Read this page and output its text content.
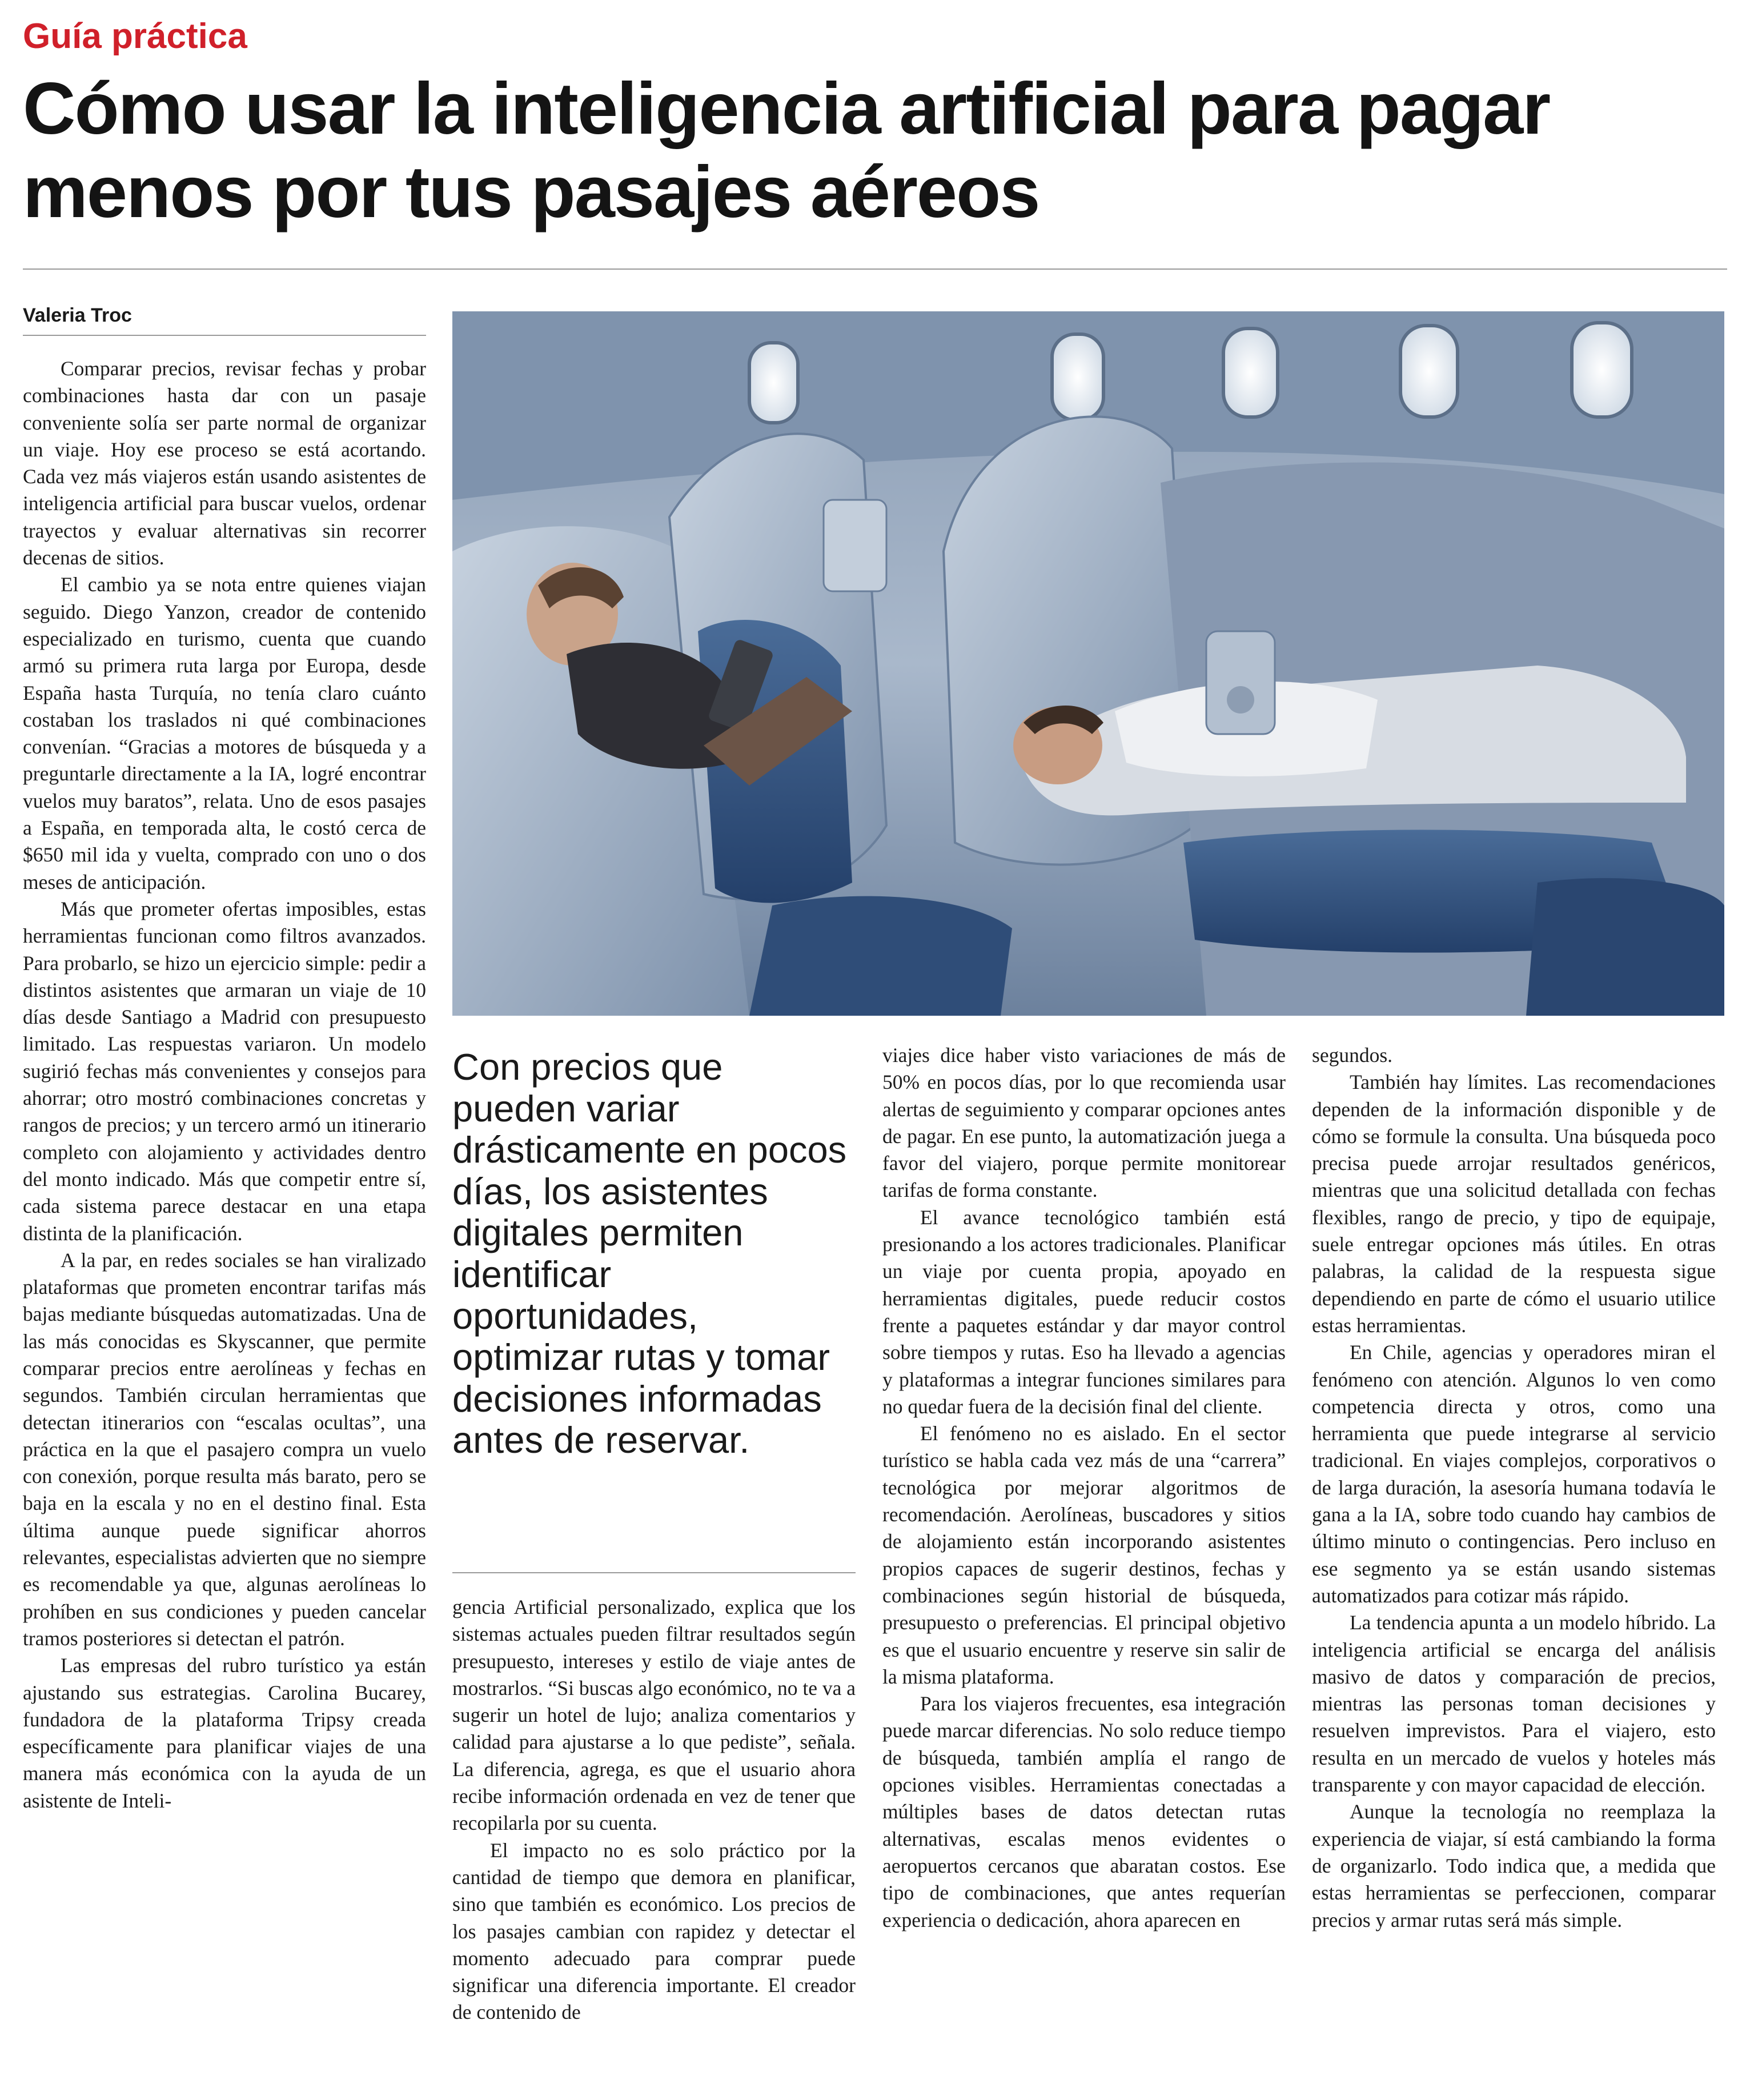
Guía práctica
Cómo usar la inteligencia artificial para pagar menos por tus pasajes aéreos
Valeria Troc

Comparar precios, revisar fechas y probar combinaciones hasta dar con un pasaje conveniente solía ser parte normal de organizar un viaje. Hoy ese proceso se está acortando. Cada vez más viajeros están usando asistentes de inteligencia artificial para buscar vuelos, ordenar trayectos y evaluar alternativas sin recorrer decenas de sitios.

El cambio ya se nota entre quienes viajan seguido. Diego Yanzon, creador de contenido especializado en turismo, cuenta que cuando armó su primera ruta larga por Europa, desde España hasta Turquía, no tenía claro cuánto costaban los traslados ni qué combinaciones convenían. “Gracias a motores de búsqueda y a preguntarle directamente a la IA, logré encontrar vuelos muy baratos”, relata. Uno de esos pasajes a España, en temporada alta, le costó cerca de $650 mil ida y vuelta, comprado con uno o dos meses de anticipación.

Más que prometer ofertas imposibles, estas herramientas funcionan como filtros avanzados. Para probarlo, se hizo un ejercicio simple: pedir a distintos asistentes que armaran un viaje de 10 días desde Santiago a Madrid con presupuesto limitado. Las respuestas variaron. Un modelo sugirió fechas más convenientes y consejos para ahorrar; otro mostró combinaciones concretas y rangos de precios; y un tercero armó un itinerario completo con alojamiento y actividades dentro del monto indicado. Más que competir entre sí, cada sistema parece destacar en una etapa distinta de la planificación.

A la par, en redes sociales se han viralizado plataformas que prometen encontrar tarifas más bajas mediante búsquedas automatizadas. Una de las más conocidas es Skyscanner, que permite comparar precios entre aerolíneas y fechas en segundos. También circulan herramientas que detectan itinerarios con “escalas ocultas”, una práctica en la que el pasajero compra un vuelo con conexión, porque resulta más barato, pero se baja en la escala y no en el destino final. Esta última aunque puede significar ahorros relevantes, especialistas advierten que no siempre es recomendable ya que, algunas aerolíneas lo prohíben en sus condiciones y pueden cancelar tramos posteriores si detectan el patrón.

Las empresas del rubro turístico ya están ajustando sus estrategias. Carolina Bucarey, fundadora de la plataforma Tripsy creada específicamente para planificar viajes de una manera más económica con la ayuda de un asistente de Inteli-

Con precios que pueden variar drásticamente en pocos días, los asistentes digitales permiten identificar oportunidades, optimizar rutas y tomar decisiones informadas antes de reservar.

gencia Artificial personalizado, explica que los sistemas actuales pueden filtrar resultados según presupuesto, intereses y estilo de viaje antes de mostrarlos. “Si buscas algo económico, no te va a sugerir un hotel de lujo; analiza comentarios y calidad para ajustarse a lo que pediste”, señala. La diferencia, agrega, es que el usuario ahora recibe información ordenada en vez de tener que recopilarla por su cuenta.

El impacto no es solo práctico por la cantidad de tiempo que demora en planificar, sino que también es económico. Los precios de los pasajes cambian con rapidez y detectar el momento adecuado para comprar puede significar una diferencia importante. El creador de contenido de

viajes dice haber visto variaciones de más de 50% en pocos días, por lo que recomienda usar alertas de seguimiento y comparar opciones antes de pagar. En ese punto, la automatización juega a favor del viajero, porque permite monitorear tarifas de forma constante.

El avance tecnológico también está presionando a los actores tradicionales. Planificar un viaje por cuenta propia, apoyado en herramientas digitales, puede reducir costos frente a paquetes estándar y dar mayor control sobre tiempos y rutas. Eso ha llevado a agencias y plataformas a integrar funciones similares para no quedar fuera de la decisión final del cliente.

El fenómeno no es aislado. En el sector turístico se habla cada vez más de una “carrera” tecnológica por mejorar algoritmos de recomendación. Aerolíneas, buscadores y sitios de alojamiento están incorporando asistentes propios capaces de sugerir destinos, fechas y combinaciones según historial de búsqueda, presupuesto o preferencias. El principal objetivo es que el usuario encuentre y reserve sin salir de la misma plataforma.

Para los viajeros frecuentes, esa integración puede marcar diferencias. No solo reduce tiempo de búsqueda, también amplía el rango de opciones visibles. Herramientas conectadas a múltiples bases de datos detectan rutas alternativas, escalas menos evidentes o aeropuertos cercanos que abaratan costos. Ese tipo de combinaciones, que antes requerían experiencia o dedicación, ahora aparecen en

segundos.

También hay límites. Las recomendaciones dependen de la información disponible y de cómo se formule la consulta. Una búsqueda poco precisa puede arrojar resultados genéricos, mientras que una solicitud detallada con fechas flexibles, rango de precio, y tipo de equipaje, suele entregar opciones más útiles. En otras palabras, la calidad de la respuesta sigue dependiendo en parte de cómo el usuario utilice estas herramientas.

En Chile, agencias y operadores miran el fenómeno con atención. Algunos lo ven como competencia directa y otros, como una herramienta que puede integrarse al servicio tradicional. En viajes complejos, corporativos o de larga duración, la asesoría humana todavía le gana a la IA, sobre todo cuando hay cambios de último minuto o contingencias. Pero incluso en ese segmento ya se están usando sistemas automatizados para cotizar más rápido.

La tendencia apunta a un modelo híbrido. La inteligencia artificial se encarga del análisis masivo de datos y comparación de precios, mientras las personas toman decisiones y resuelven imprevistos. Para el viajero, esto resulta en un mercado de vuelos y hoteles más transparente y con mayor capacidad de elección.

Aunque la tecnología no reemplaza la experiencia de viajar, sí está cambiando la forma de organizarlo. Todo indica que, a medida que estas herramientas se perfeccionen, comparar precios y armar rutas será más simple.
